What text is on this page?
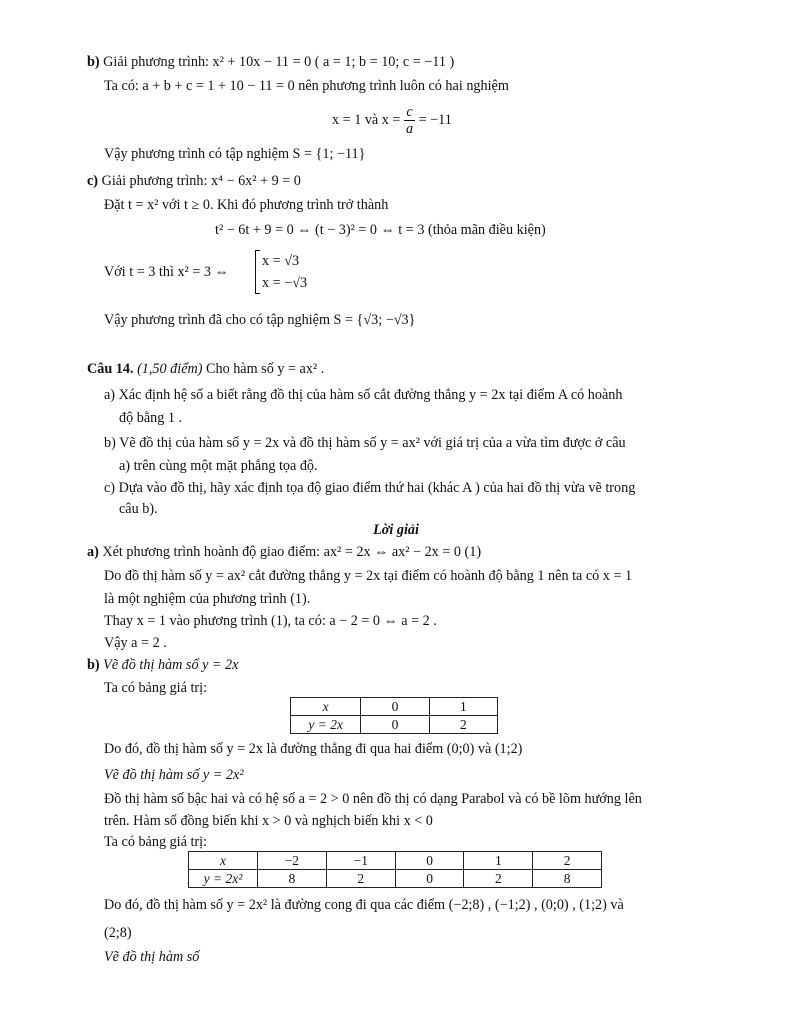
b) Giải phương trình: x² + 10x − 11 = 0 ( a = 1; b = 10; c = −11 )
Ta có: a + b + c = 1 + 10 − 11 = 0 nên phương trình luôn có hai nghiệm
x = 1 và $x = \frac{c}{a} = -11$
Vậy phương trình có tập nghiệm S = {1; −11}
c) Giải phương trình: x⁴ − 6x² + 9 = 0
Đặt t = x² với t ≥ 0. Khi đó phương trình trở thành
t² − 6t + 9 = 0 ⇔ (t − 3)² = 0 ⇔ t = 3 (thỏa mãn điều kiện)
Với t = 3 thì x² = 3 ⇔
x = √3
x = −√3
Vậy phương trình đã cho có tập nghiệm S = {√3; −√3}
Câu 14. (1,50 điểm) Cho hàm số y = ax² .
a) Xác định hệ số a biết rằng đồ thị của hàm số cắt đường thẳng y = 2x tại điểm A có hoành
độ bằng 1 .
b) Vẽ đồ thị của hàm số y = 2x và đồ thị hàm số y = ax² với giá trị của a vừa tìm được ở câu
a) trên cùng một mặt phẳng tọa độ.
c) Dựa vào đồ thị, hãy xác định tọa độ giao điểm thứ hai (khác A ) của hai đồ thị vừa vẽ trong
câu b).
Lời giải
a) Xét phương trình hoành độ giao điểm: ax² = 2x ⇔ ax² − 2x = 0 (1)
Do đồ thị hàm số y = ax² cắt đường thẳng y = 2x tại điểm có hoành độ bằng 1 nên ta có x = 1
là một nghiệm của phương trình (1).
Thay x = 1 vào phương trình (1), ta có: a − 2 = 0 ⇔ a = 2 .
Vậy a = 2 .
b) Vẽ đồ thị hàm số y = 2x
Ta có bảng giá trị:
x	0	1
y = 2x	0	2
Do đó, đồ thị hàm số y = 2x là đường thẳng đi qua hai điểm (0;0) và (1;2)
Vẽ đồ thị hàm số y = 2x²
Đồ thị hàm số bậc hai và có hệ số a = 2 > 0 nên đồ thị có dạng Parabol và có bề lõm hướng lên
trên. Hàm số đồng biến khi x > 0 và nghịch biến khi x < 0
Ta có bảng giá trị:
x	−2	−1	0	1	2
y = 2x²	8	2	0	2	8
Do đó, đồ thị hàm số y = 2x² là đường cong đi qua các điểm (−2;8) , (−1;2) , (0;0) , (1;2) và
(2;8)
Vẽ đồ thị hàm số
